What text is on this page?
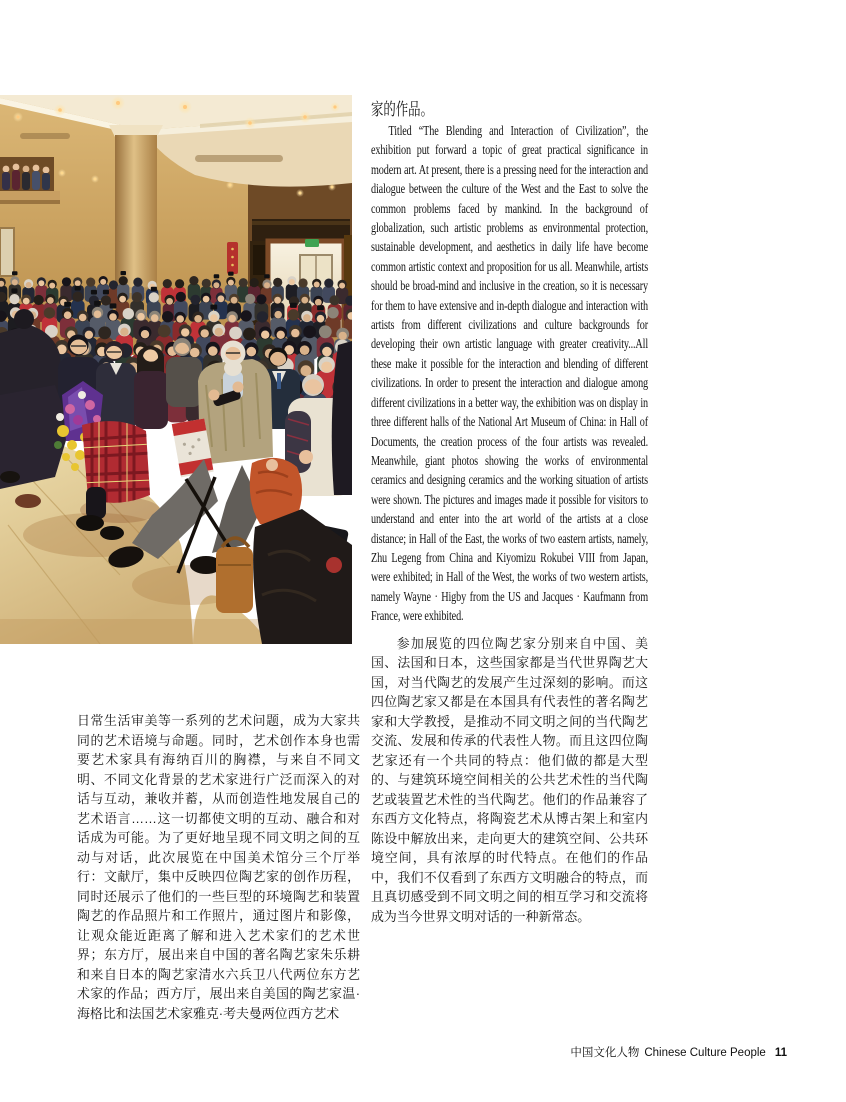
日常生活审美等一系列的艺术问题，成为大家共同的艺术语境与命题。同时，艺术创作本身也需要艺术家具有海纳百川的胸襟，与来自不同文明、不同文化背景的艺术家进行广泛而深入的对话与互动，兼收并蓄，从而创造性地发展自己的艺术语言……这一切都使文明的互动、融合和对话成为可能。为了更好地呈现不同文明之间的互动与对话，此次展览在中国美术馆分三个厅举行：文献厅，集中反映四位陶艺家的创作历程，同时还展示了他们的一些巨型的环境陶艺和装置陶艺的作品照片和工作照片，通过图片和影像，让观众能近距离了解和进入艺术家们的艺术世界；东方厅，展出来自中国的著名陶艺家朱乐耕和来自日本的陶艺家清水六兵卫八代两位东方艺术家的作品；西方厅，展出来自美国的陶艺家温·海格比和法国艺术家雅克·考夫曼两位西方艺术
家的作品。

Titled “The Blending and Interaction of Civilization”, the exhibition put forward a topic of great practical significance in modern art. At present, there is a pressing need for the interaction and dialogue between the culture of the West and the East to solve the common problems faced by mankind. In the background of globalization, such artistic problems as environmental protection, sustainable development, and aesthetics in daily life have become common artistic context and proposition for us all. Meanwhile, artists should be broad-mind and inclusive in the creation, so it is necessary for them to have extensive and in-depth dialogue and interaction with artists from different civilizations and culture backgrounds for developing their own artistic language with greater creativity...All these make it possible for the interaction and blending of different civilizations. In order to present the interaction and dialogue among different civilizations in a better way, the exhibition was on display in three different halls of the National Art Museum of China: in Hall of Documents, the creation process of the four artists was revealed. Meanwhile, giant photos showing the works of environmental ceramics and designing ceramics and the working situation of artists were shown. The pictures and images made it possible for visitors to understand and enter into the art world of the artists at a close distance; in Hall of the East, the works of two eastern artists, namely, Zhu Legeng from China and Kiyomizu Rokubei VIII from Japan, were exhibited; in Hall of the West, the works of two western artists, namely Wayne · Higby from the US and Jacques · Kaufmann from France, were exhibited.

参加展览的四位陶艺家分别来自中国、美国、法国和日本，这些国家都是当代世界陶艺大国，对当代陶艺的发展产生过深刻的影响。而这四位陶艺家又都是在本国具有代表性的著名陶艺家和大学教授，是推动不同文明之间的当代陶艺交流、发展和传承的代表性人物。而且这四位陶艺家还有一个共同的特点：他们做的都是大型的、与建筑环境空间相关的公共艺术性的当代陶艺或装置艺术性的当代陶艺。他们的作品兼容了东西方文化特点，将陶瓷艺术从博古架上和室内陈设中解放出来，走向更大的建筑空间、公共环境空间，具有浓厚的时代特点。在他们的作品中，我们不仅看到了东西方文明融合的特点，而且真切感受到不同文明之间的相互学习和交流将成为当今世界文明对话的一种新常态。

中国文化人物 Chinese Culture People 11
